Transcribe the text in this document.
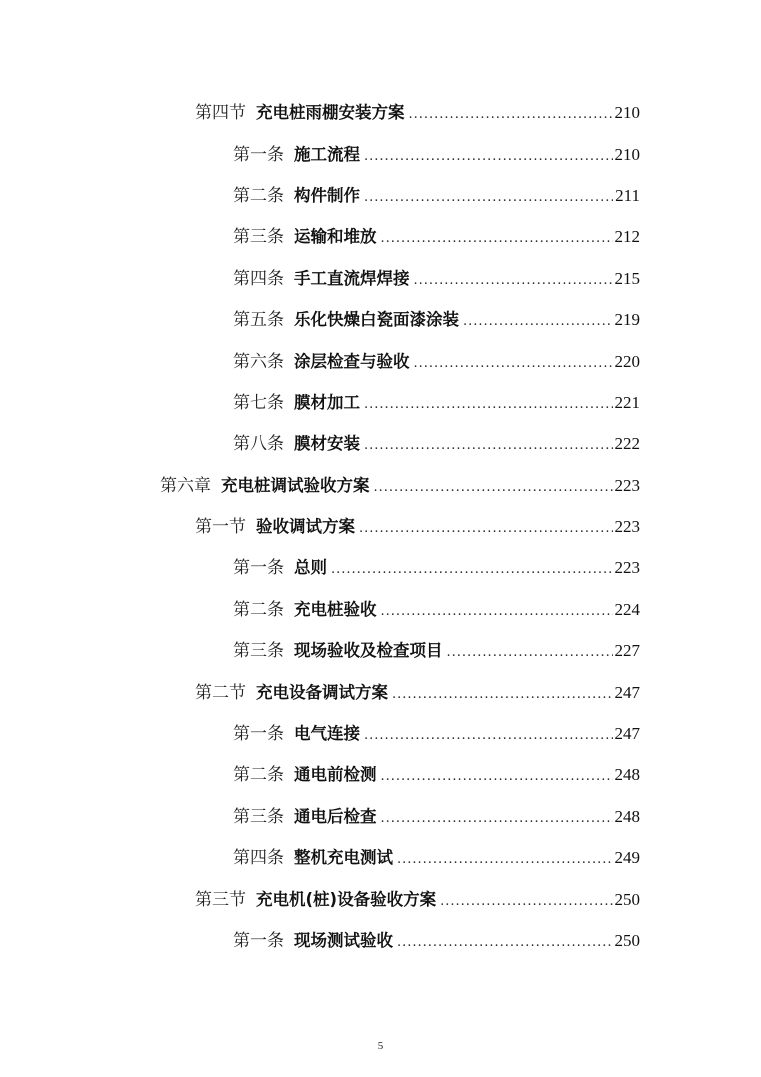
第四节 充电桩雨棚安装方案 .....	210
第一条 施工流程 .....	210
第二条 构件制作 .....	211
第三条 运输和堆放 .....	212
第四条 手工直流焊焊接 .....	215
第五条 乐化快燥白瓷面漆涂装 .....	219
第六条 涂层检查与验收 .....	220
第七条 膜材加工 .....	221
第八条 膜材安装 .....	222
第六章 充电桩调试验收方案 .....	223
第一节 验收调试方案 .....	223
第一条 总则 .....	223
第二条 充电桩验收 .....	224
第三条 现场验收及检查项目 .....	227
第二节 充电设备调试方案 .....	247
第一条 电气连接 .....	247
第二条 通电前检测 .....	248
第三条 通电后检查 .....	248
第四条 整机充电测试 .....	249
第三节 充电机(桩)设备验收方案 .....	250
第一条 现场测试验收 .....	250
5
